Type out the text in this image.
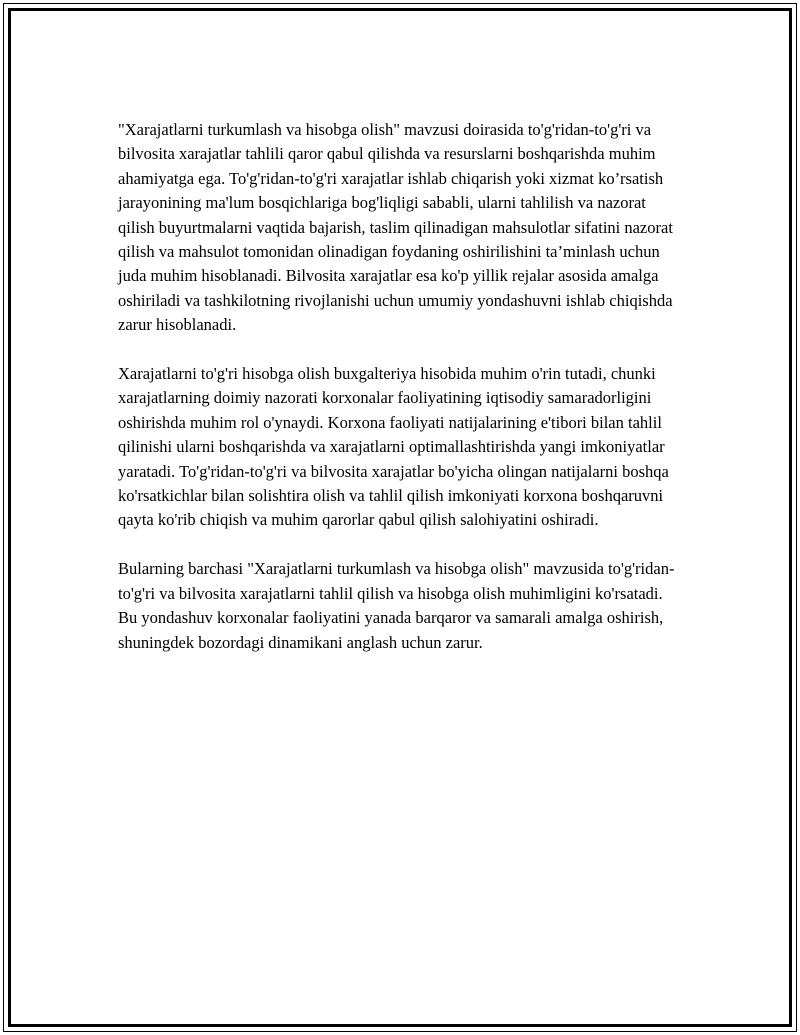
"Xarajatlarni turkumlash va hisobga olish" mavzusi doirasida to'g'ridan-to'g'ri va bilvosita xarajatlar tahlili qaror qabul qilishda va resurslarni boshqarishda muhim ahamiyatga ega. To'g'ridan-to'g'ri xarajatlar ishlab chiqarish yoki xizmat ko’rsatish jarayonining ma'lum bosqichlariga bog'liqligi sababli, ularni tahlilish va nazorat qilish buyurtmalarni vaqtida bajarish, taslim qilinadigan mahsulotlar sifatini nazorat qilish va mahsulot tomonidan olinadigan foydaning oshirilishini ta’minlash uchun juda muhim hisoblanadi. Bilvosita xarajatlar esa ko'p yillik rejalar asosida amalga oshiriladi va tashkilotning rivojlanishi uchun umumiy yondashuvni ishlab chiqishda zarur hisoblanadi.

Xarajatlarni to'g'ri hisobga olish buxgalteriya hisobida muhim o'rin tutadi, chunki xarajatlarning doimiy nazorati korxonalar faoliyatining iqtisodiy samaradorligini oshirishda muhim rol o'ynaydi. Korxona faoliyati natijalarining e'tibori bilan tahlil qilinishi ularni boshqarishda va xarajatlarni optimallashtirishda yangi imkoniyatlar yaratadi. To'g'ridan-to'g'ri va bilvosita xarajatlar bo'yicha olingan natijalarni boshqa ko'rsatkichlar bilan solishtira olish va tahlil qilish imkoniyati korxona boshqaruvni qayta ko'rib chiqish va muhim qarorlar qabul qilish salohiyatini oshiradi.

Bularning barchasi "Xarajatlarni turkumlash va hisobga olish" mavzusida to'g'ridan-to'g'ri va bilvosita xarajatlarni tahlil qilish va hisobga olish muhimligini ko'rsatadi. Bu yondashuv korxonalar faoliyatini yanada barqaror va samarali amalga oshirish, shuningdek bozordagi dinamikani anglash uchun zarur.
